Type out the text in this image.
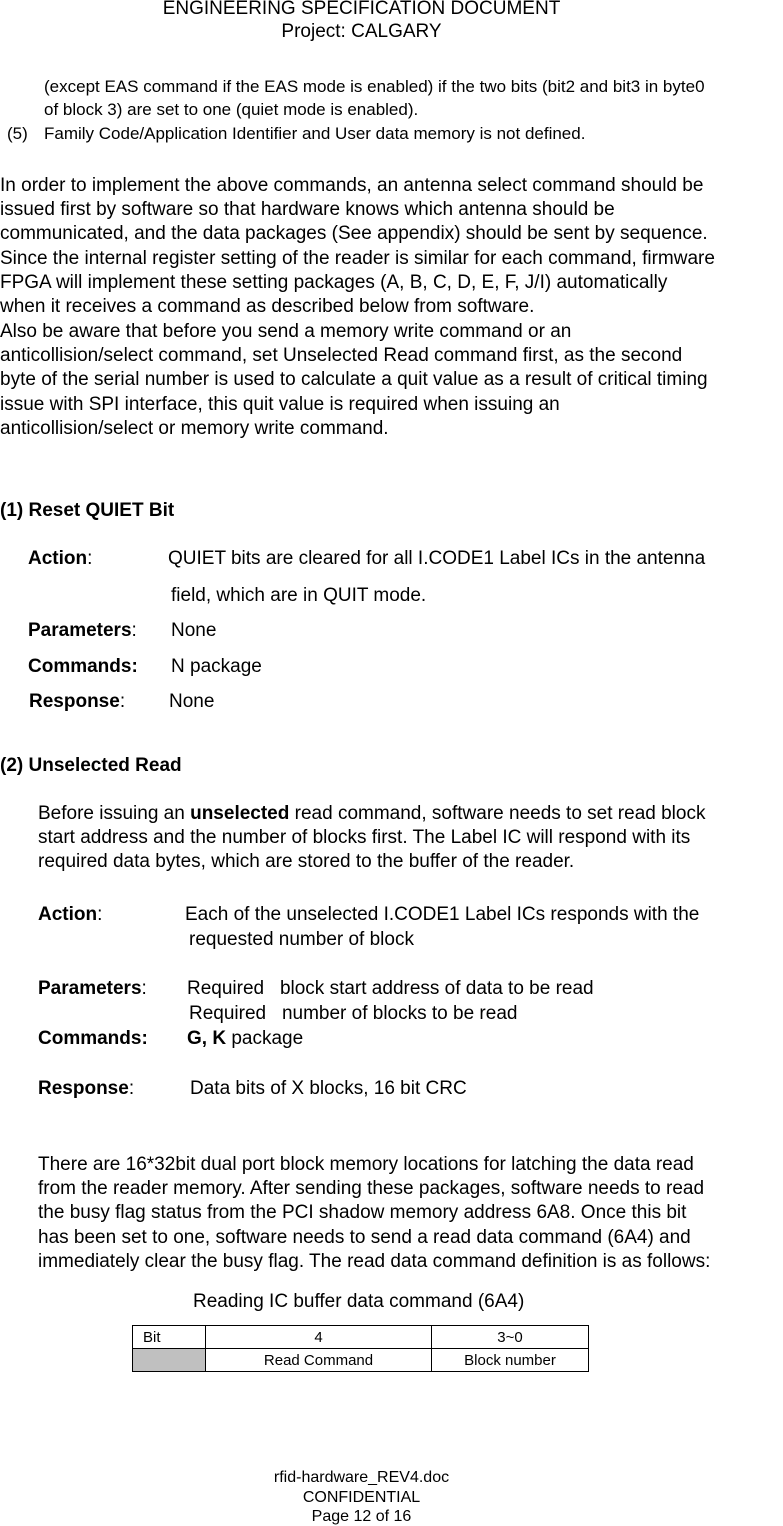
ENGINEERING SPECIFICATION DOCUMENT
Project: CALGARY
(except EAS command if the EAS mode is enabled) if the two bits (bit2 and bit3 in byte0
of block 3) are set to one (quiet mode is enabled).
(5) Family Code/Application Identifier and User data memory is not defined.
In order to implement the above commands, an antenna select command should be
issued first by software so that hardware knows which antenna should be
communicated, and the data packages (See appendix) should be sent by sequence.
Since the internal register setting of the reader is similar for each command, firmware
FPGA will implement these setting packages (A, B, C, D, E, F, J/I) automatically
when it receives a command as described below from software.
Also be aware that before you send a memory write command or an
anticollision/select command, set Unselected Read command first, as the second
byte of the serial number is used to calculate a quit value as a result of critical timing
issue with SPI interface, this quit value is required when issuing an
anticollision/select or memory write command.
(1) Reset QUIET Bit
Action:	QUIET bits are cleared for all I.CODE1 Label ICs in the antenna
field, which are in QUIT mode.
Parameters: None
Commands: N package
Response: None
(2) Unselected Read
Before issuing an unselected read command, software needs to set read block
start address and the number of blocks first. The Label IC will respond with its
required data bytes, which are stored to the buffer of the reader.
Action:	Each of the unselected I.CODE1 Label ICs responds with the
requested number of block
Parameters: Required   block start address of data to be read
Required   number of blocks to be read
Commands: G, K package
Response:	Data bits of X blocks, 16 bit CRC
There are 16*32bit dual port block memory locations for latching the data read
from the reader memory. After sending these packages, software needs to read
the busy flag status from the PCI shadow memory address 6A8. Once this bit
has been set to one, software needs to send a read data command (6A4) and
immediately clear the busy flag. The read data command definition is as follows:
Reading IC buffer data command (6A4)
Bit	4	3~0
	Read Command	Block number
rfid-hardware_REV4.doc
CONFIDENTIAL
Page 12 of 16
